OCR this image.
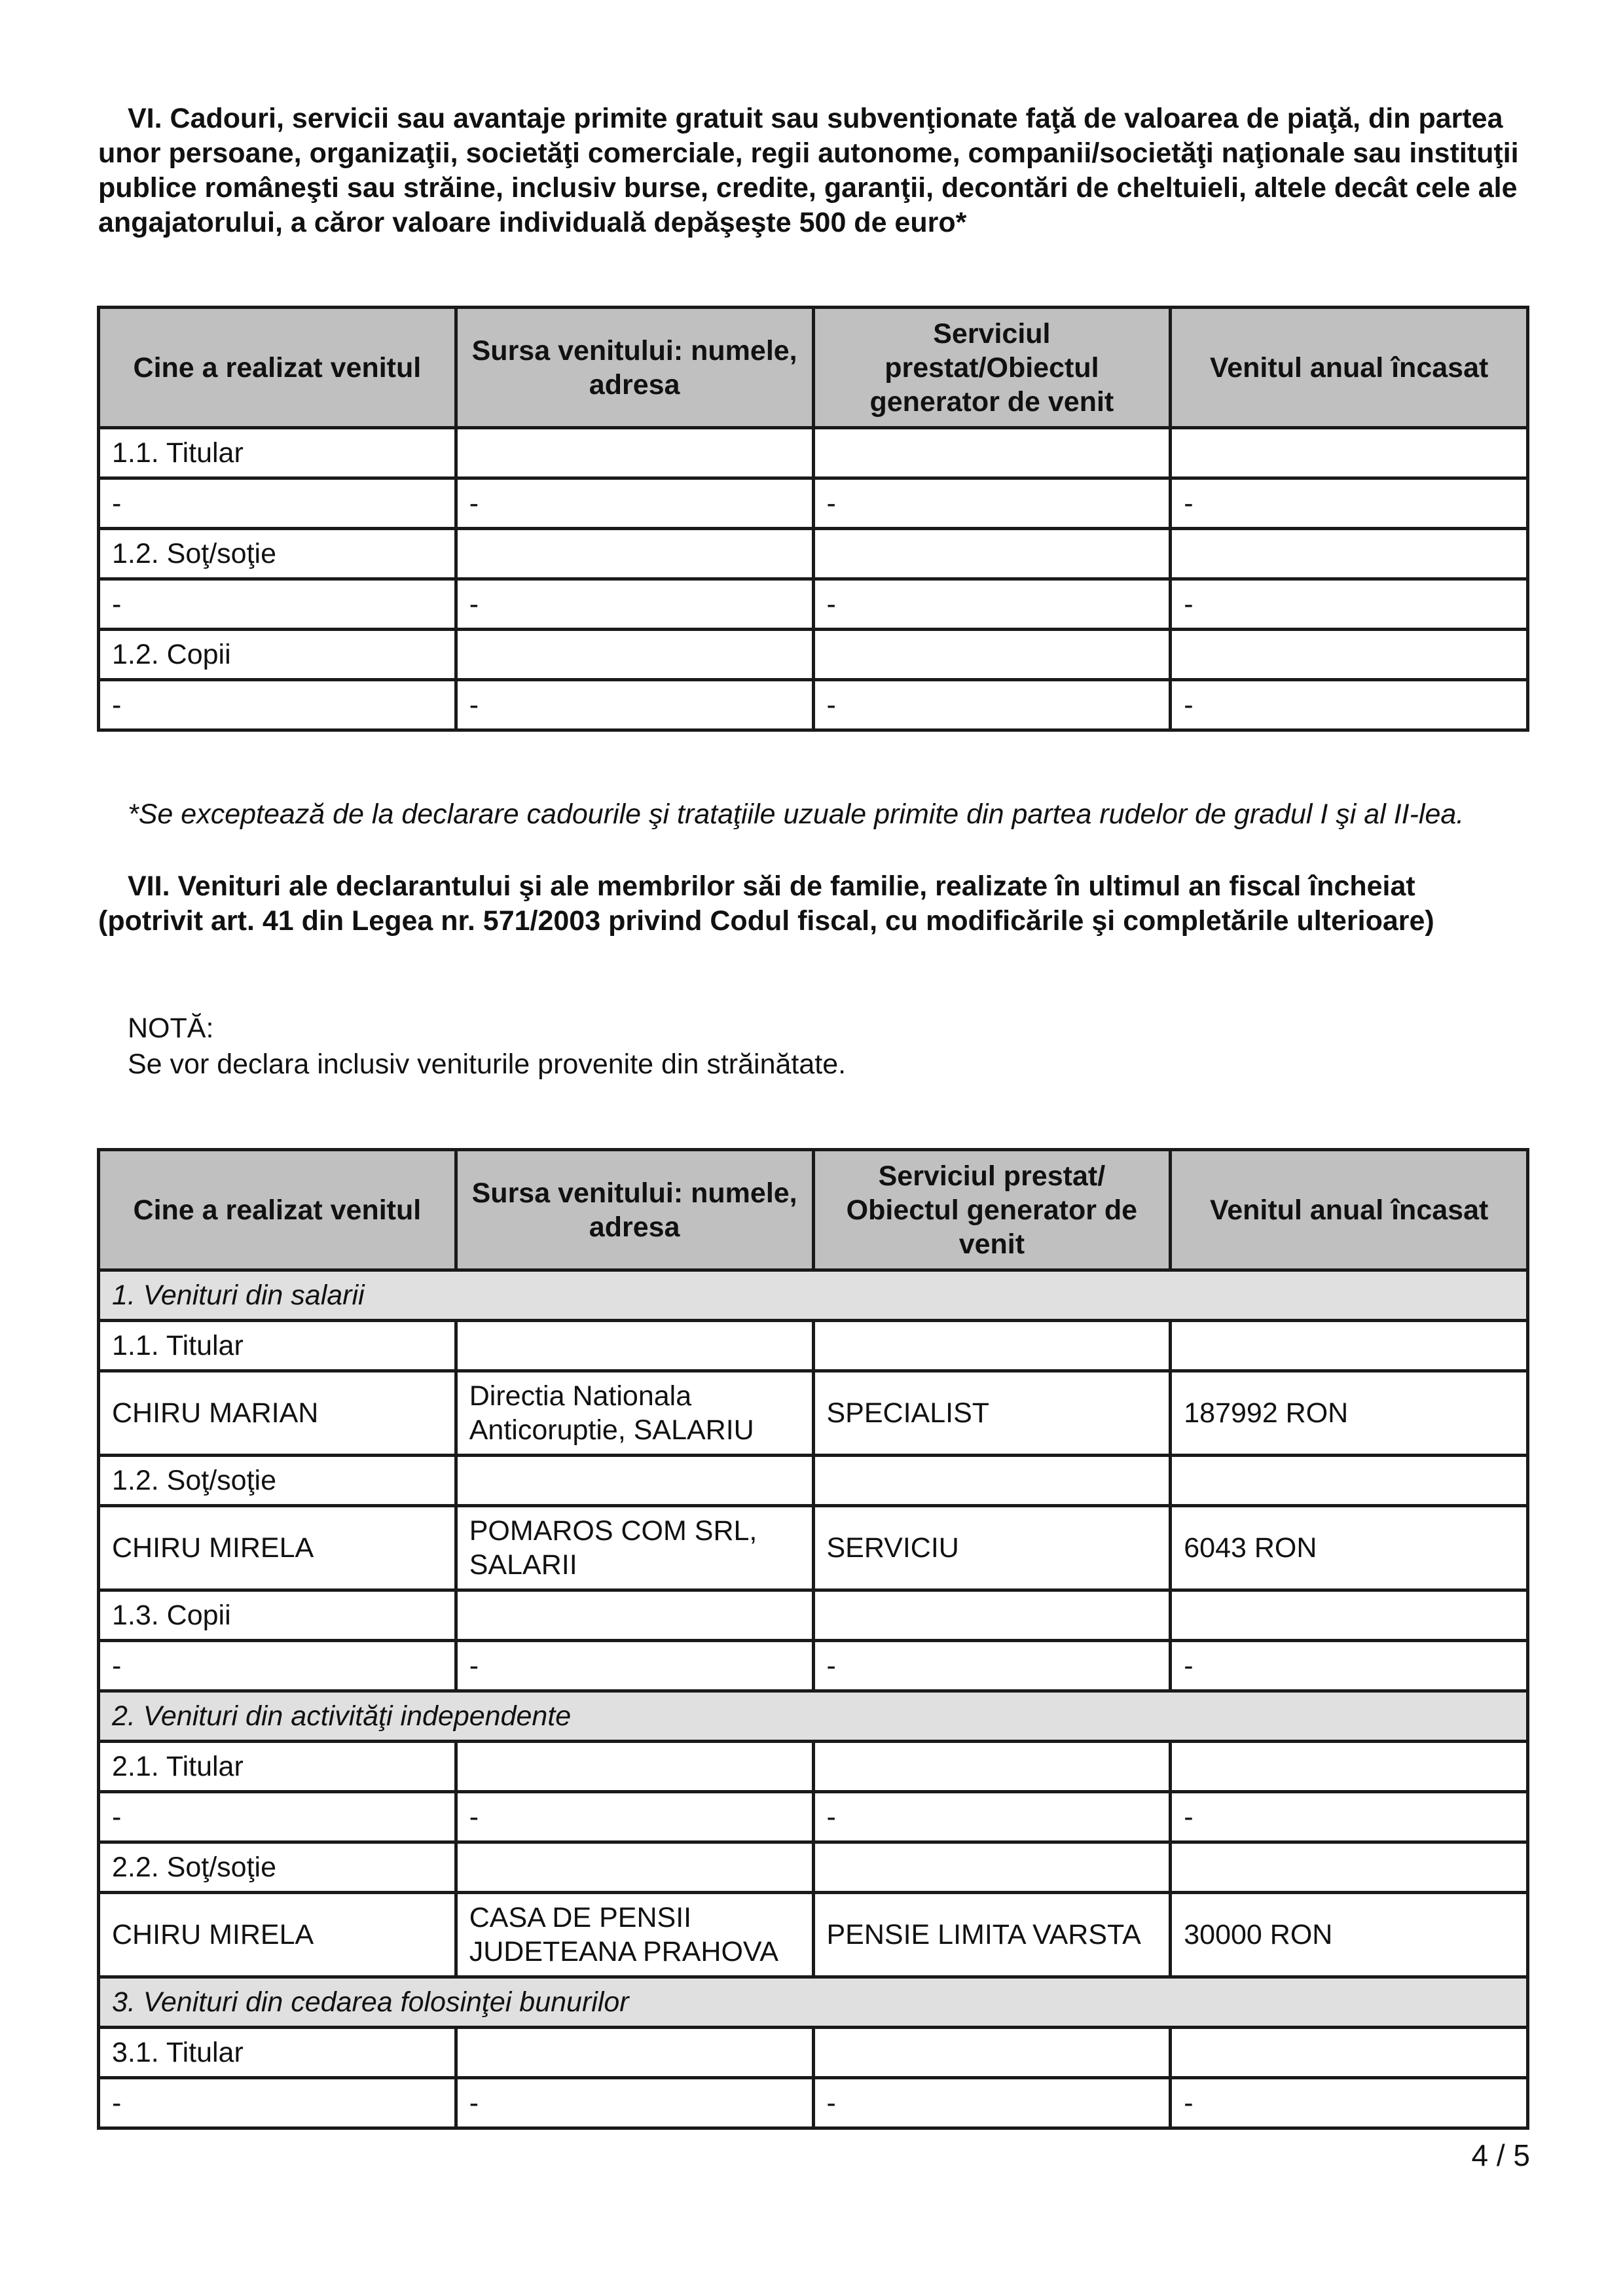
VI. Cadouri, servicii sau avantaje primite gratuit sau subvenţionate faţă de valoarea de piaţă, din partea unor persoane, organizaţii, societăţi comerciale, regii autonome, companii/societăţi naţionale sau instituţii publice româneşti sau străine, inclusiv burse, credite, garanţii, decontări de cheltuieli, altele decât cele ale angajatorului, a căror valoare individuală depăşeşte 500 de euro*

Cine a realizat venitul	Sursa venitului: numele, adresa	Serviciul prestat/Obiectul generator de venit	Venitul anual încasat
1.1. Titular			
-	-	-	-
1.2. Soţ/soţie			
-	-	-	-
1.2. Copii			
-	-	-	-

*Se exceptează de la declarare cadourile şi trataţiile uzuale primite din partea rudelor de gradul I şi al II-lea.

VII. Venituri ale declarantului şi ale membrilor săi de familie, realizate în ultimul an fiscal încheiat (potrivit art. 41 din Legea nr. 571/2003 privind Codul fiscal, cu modificările şi completările ulterioare)

NOTĂ:

Se vor declara inclusiv veniturile provenite din străinătate.

Cine a realizat venitul	Sursa venitului: numele, adresa	Serviciul prestat/ Obiectul generator de venit	Venitul anual încasat
1. Venituri din salarii			
1.1. Titular			
CHIRU MARIAN	Directia Nationala Anticoruptie, SALARIU	SPECIALIST	187992 RON
1.2. Soţ/soţie			
CHIRU MIRELA	POMAROS COM SRL, SALARII	SERVICIU	6043 RON
1.3. Copii			
-	-	-	-
2. Venituri din activităţi independente			
2.1. Titular			
-	-	-	-
2.2. Soţ/soţie			
CHIRU MIRELA	CASA DE PENSII JUDETEANA PRAHOVA	PENSIE LIMITA VARSTA	30000 RON
3. Venituri din cedarea folosinţei bunurilor			
3.1. Titular			
-	-	-	-
4 / 5
